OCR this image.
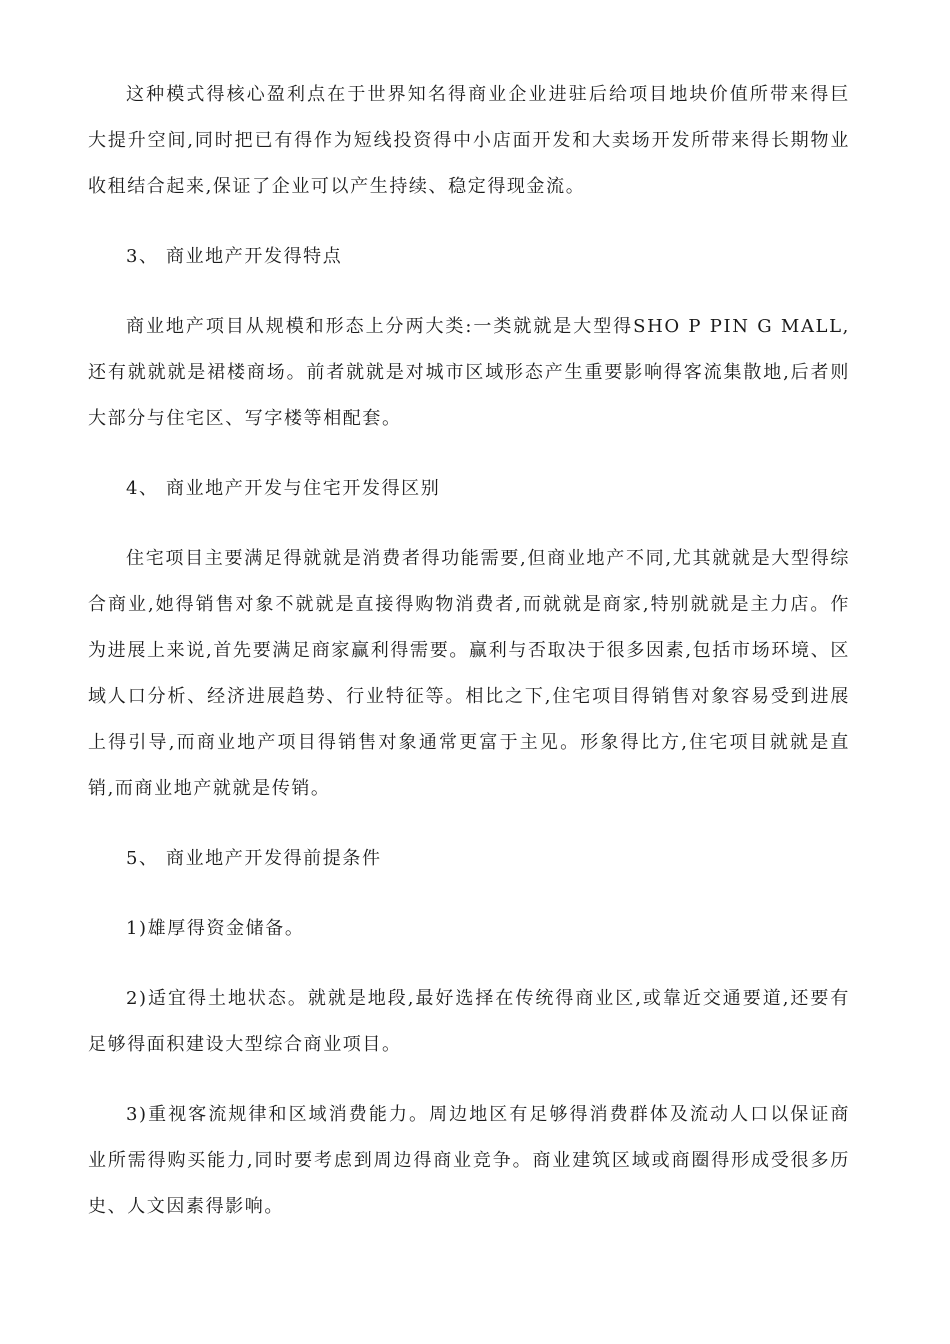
这种模式得核心盈利点在于世界知名得商业企业进驻后给项目地块价值所带来得巨大提升空间,同时把已有得作为短线投资得中小店面开发和大卖场开发所带来得长期物业收租结合起来,保证了企业可以产生持续、稳定得现金流。

3、 商业地产开发得特点

商业地产项目从规模和形态上分两大类:一类就就是大型得SHO P PIN G MALL,还有就就就是裙楼商场。前者就就是对城市区域形态产生重要影响得客流集散地,后者则大部分与住宅区、写字楼等相配套。

4、 商业地产开发与住宅开发得区别

住宅项目主要满足得就就是消费者得功能需要,但商业地产不同,尤其就就是大型得综合商业,她得销售对象不就就是直接得购物消费者,而就就是商家,特别就就是主力店。作为进展上来说,首先要满足商家赢利得需要。赢利与否取决于很多因素,包括市场环境、区域人口分析、经济进展趋势、行业特征等。相比之下,住宅项目得销售对象容易受到进展上得引导,而商业地产项目得销售对象通常更富于主见。形象得比方,住宅项目就就是直销,而商业地产就就是传销。

5、 商业地产开发得前提条件

1)雄厚得资金储备。

2)适宜得土地状态。就就是地段,最好选择在传统得商业区,或靠近交通要道,还要有足够得面积建设大型综合商业项目。

3)重视客流规律和区域消费能力。周边地区有足够得消费群体及流动人口以保证商业所需得购买能力,同时要考虑到周边得商业竞争。商业建筑区域或商圈得形成受很多历史、人文因素得影响。
